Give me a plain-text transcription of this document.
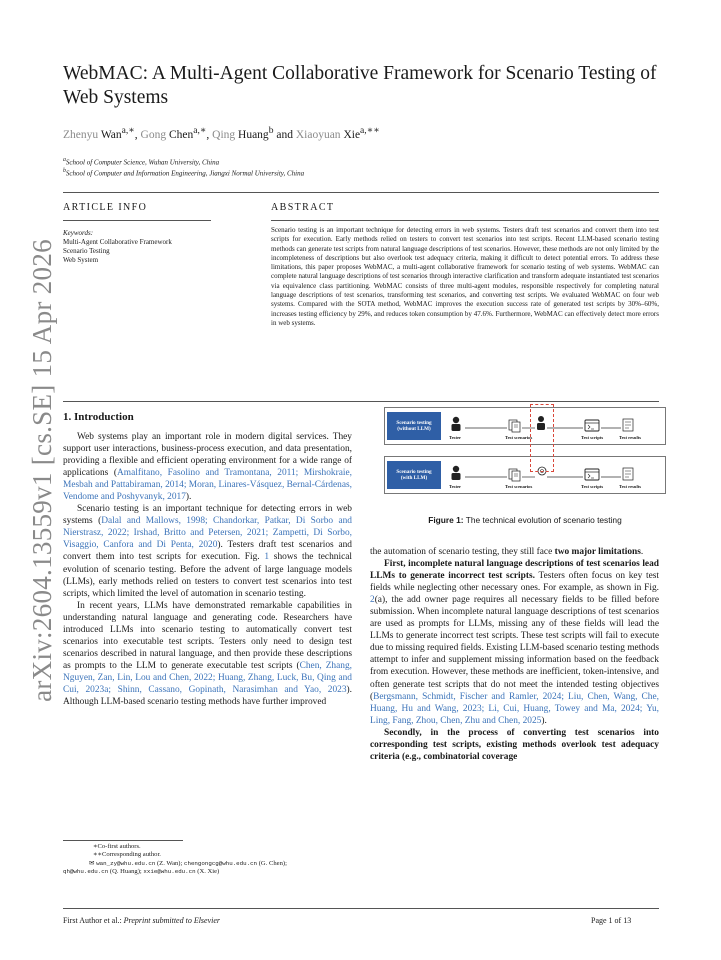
arXiv:2604.13559v1 [cs.SE] 15 Apr 2026
WebMAC: A Multi-Agent Collaborative Framework for Scenario Testing of Web Systems
Zhenyu Wan$^{a,∗}$, Gong Chen$^{a,∗}$, Qing Huang$^b$ and Xiaoyuan Xie$^{a,∗∗}$
$^a$School of Computer Science, Wuhan University, China
$^b$School of Computer and Information Engineering, Jiangxi Normal University, China
ARTICLE INFO
Keywords:
Multi-Agent Collaborative Framework
Scenario Testing
Web System
ABSTRACT
Scenario testing is an important technique for detecting errors in web systems. Testers draft test scenarios and convert them into test scripts for execution. Early methods relied on testers to convert test scenarios into test scripts. Recent LLM-based scenario testing methods can generate test scripts from natural language descriptions of test scenarios. However, these methods are not only limited by the incompleteness of descriptions but also overlook test adequacy criteria, making it difficult to detect potential errors. To address these limitations, this paper proposes WebMAC, a multi-agent collaborative framework for scenario testing of web systems. WebMAC can complete natural language descriptions of test scenarios through interactive clarification and transform adequate instantiated test scenarios via equivalence class partitioning. WebMAC consists of three multi-agent modules, responsible respectively for completing natural language descriptions of test scenarios, transforming test scenarios, and converting test scripts. We evaluated WebMAC on four web systems. Compared with the SOTA method, WebMAC improves the execution success rate of generated test scripts by 30%–60%, increases testing efficiency by 29%, and reduces token consumption by 47.6%. Furthermore, WebMAC can effectively detect more errors in web systems.
1. Introduction

Web systems play an important role in modern digital services. They support user interactions, business-process execution, and data presentation, providing a flexible and efficient operating environment for a wide range of applications (Amalfitano, Fasolino and Tramontana, 2011; Mirshokraie, Mesbah and Pattabiraman, 2014; Moran, Linares-Vásquez, Bernal-Cárdenas, Vendome and Poshyvanyk, 2017).

Scenario testing is an important technique for detecting errors in web systems (Dalal and Mallows, 1998; Chandorkar, Patkar, Di Sorbo and Nierstrasz, 2022; Irshad, Britto and Petersen, 2021; Zampetti, Di Sorbo, Visaggio, Canfora and Di Penta, 2020). Testers draft test scenarios and convert them into test scripts for execution. Fig. 1 shows the technical evolution of scenario testing. Before the advent of large language models (LLMs), early methods relied on testers to convert test scenarios into test scripts, which limited the level of automation in scenario testing.

In recent years, LLMs have demonstrated remarkable capabilities in understanding natural language and generating code. Researchers have introduced LLMs into scenario testing to automatically convert test scenarios into executable test scripts. Testers only need to design test scenarios described in natural language, and then provide these descriptions as prompts to the LLM to generate executable test scripts (Chen, Zhang, Nguyen, Zan, Lin, Lou and Chen, 2022; Huang, Zhang, Luck, Bu, Qing and Cui, 2023a; Shinn, Cassano, Gopinath, Narasimhan and Yao, 2023). Although LLM-based scenario testing methods have further improved

∗Co-first authors.
∗∗Corresponding author.
✉ wan_zy@whu.edu.cn (Z. Wan); chengongcg@whu.edu.cn (G. Chen);
qh@whu.edu.cn (Q. Huang); xxie@whu.edu.cn (X. Xie)
Scenario testing
(without LLM)
Tester	Test scenarios	Test scripts	Test results
Scenario testing
(with LLM)
Tester	Test scenarios	Test scripts	Test results
Figure 1: The technical evolution of scenario testing

the automation of scenario testing, they still face two major limitations.

First, incomplete natural language descriptions of test scenarios lead LLMs to generate incorrect test scripts. Testers often focus on key test fields while neglecting other necessary ones. For example, as shown in Fig. 2(a), the add owner page requires all necessary fields to be filled before submission. When incomplete natural language descriptions of test scenarios are used as prompts for LLMs, missing any of these fields will lead the LLMs to generate incorrect test scripts. These test scripts will fail to execute due to missing required fields. Existing LLM-based scenario testing methods attempt to infer and supplement missing information based on the feedback from execution. However, these methods are inefficient, token-intensive, and often generate test scripts that do not meet the intended testing objectives (Bergsmann, Schmidt, Fischer and Ramler, 2024; Liu, Chen, Wang, Che, Huang, Hu and Wang, 2023; Li, Cui, Huang, Towey and Ma, 2024; Yu, Ling, Fang, Zhou, Chen, Zhu and Chen, 2025).

Secondly, in the process of converting test scenarios into corresponding test scripts, existing methods overlook test adequacy criteria (e.g., combinatorial coverage

First Author et al.: Preprint submitted to Elsevier	Page 1 of 13
